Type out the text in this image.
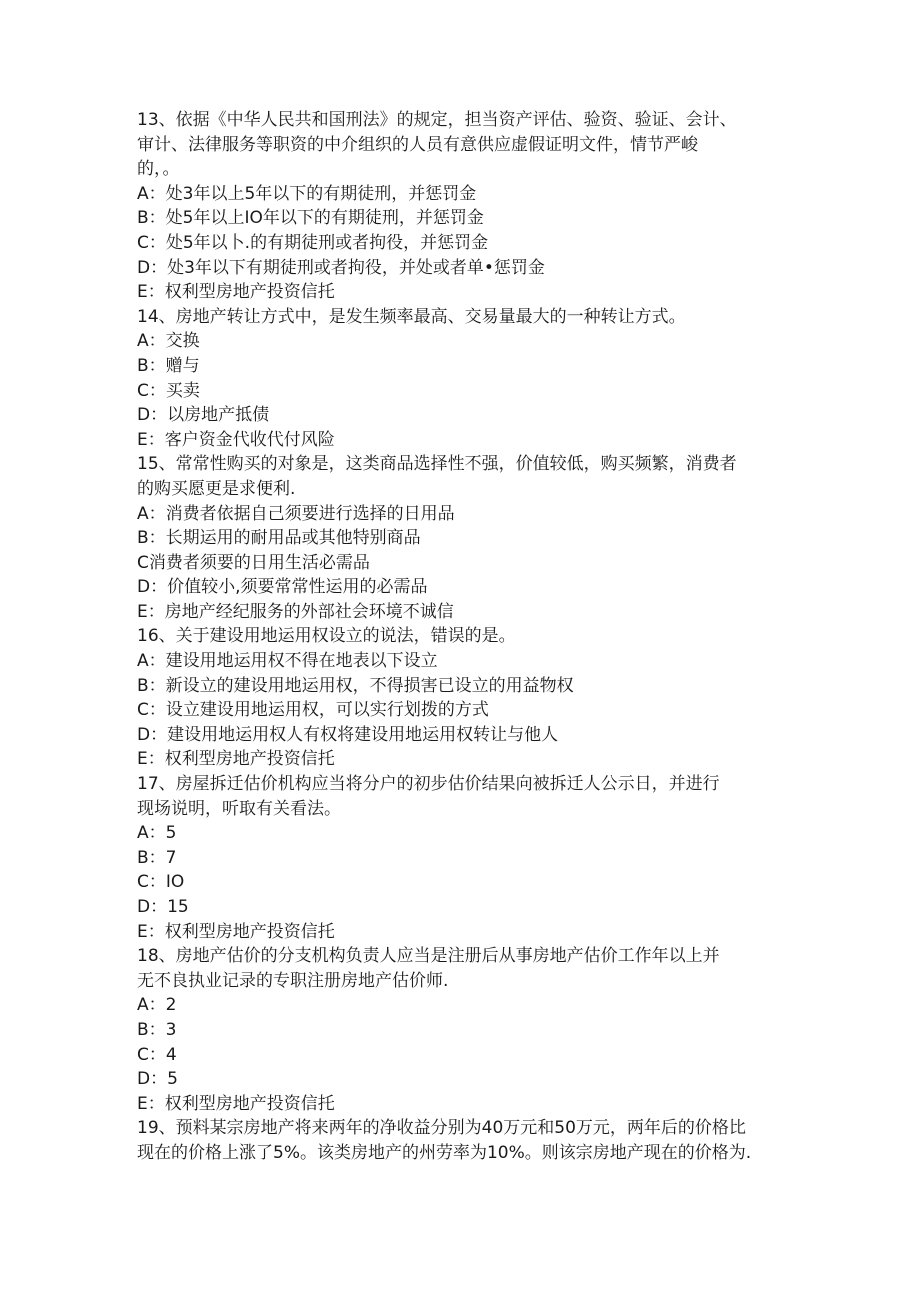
13、依据《中华人民共和国刑法》的规定，担当资产评估、验资、验证、会计、
审计、法律服务等职资的中介组织的人员有意供应虚假证明文件，情节严峻
的，。
A：处3年以上5年以下的有期徒刑，并惩罚金
B：处5年以上IO年以下的有期徒刑，并惩罚金
C：处5年以卜.的有期徒刑或者拘役，并惩罚金
D：处3年以下有期徒刑或者拘役，并处或者单•惩罚金
E：权利型房地产投资信托
14、房地产转让方式中，是发生频率最高、交易量最大的一种转让方式。
A：交换
B：赠与
C：买卖
D：以房地产抵债
E：客户资金代收代付风险
15、常常性购买的对象是，这类商品选择性不强，价值较低，购买频繁，消费者
的购买愿更是求便利.
A：消费者依据自己须要进行选择的日用品
B：长期运用的耐用品或其他特别商品
C消费者须要的日用生活必需品
D：价值较小,须要常常性运用的必需品
E：房地产经纪服务的外部社会环境不诚信
16、关于建设用地运用权设立的说法，错误的是。
A：建设用地运用权不得在地表以下设立
B：新设立的建设用地运用权，不得损害已设立的用益物权
C：设立建设用地运用权，可以实行划拨的方式
D：建设用地运用权人有权将建设用地运用权转让与他人
E：权利型房地产投资信托
17、房屋拆迁估价机构应当将分户的初步估价结果向被拆迁人公示日，并进行
现场说明，听取有关看法。
A：5
B：7
C：IO
D：15
E：权利型房地产投资信托
18、房地产估价的分支机构负责人应当是注册后从事房地产估价工作年以上并
无不良执业记录的专职注册房地产估价师.
A：2
B：3
C：4
D：5
E：权利型房地产投资信托
19、预料某宗房地产将来两年的净收益分别为40万元和50万元，两年后的价格比
现在的价格上涨了5%。该类房地产的州劳率为10%。则该宗房地产现在的价格为.
